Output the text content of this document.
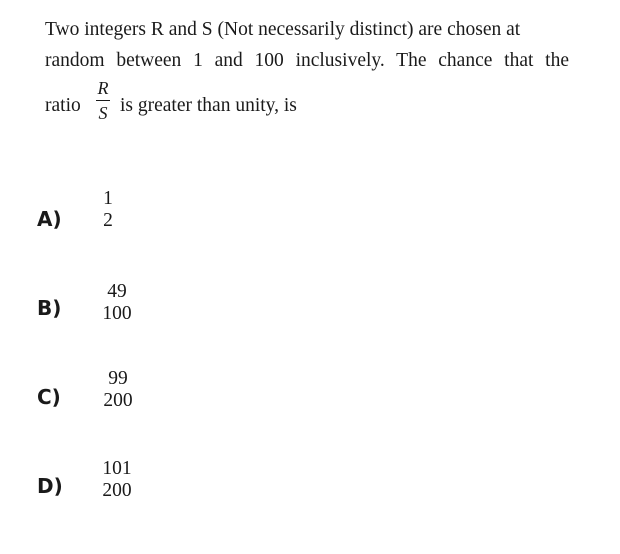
Two integers R and S (Not necessarily distinct) are chosen at
random between 1 and 100 inclusively. The chance that the
ratio
R
S is greater than unity, is
A)
1
2
B)
49
100
C)
99
200
D)
101
200
